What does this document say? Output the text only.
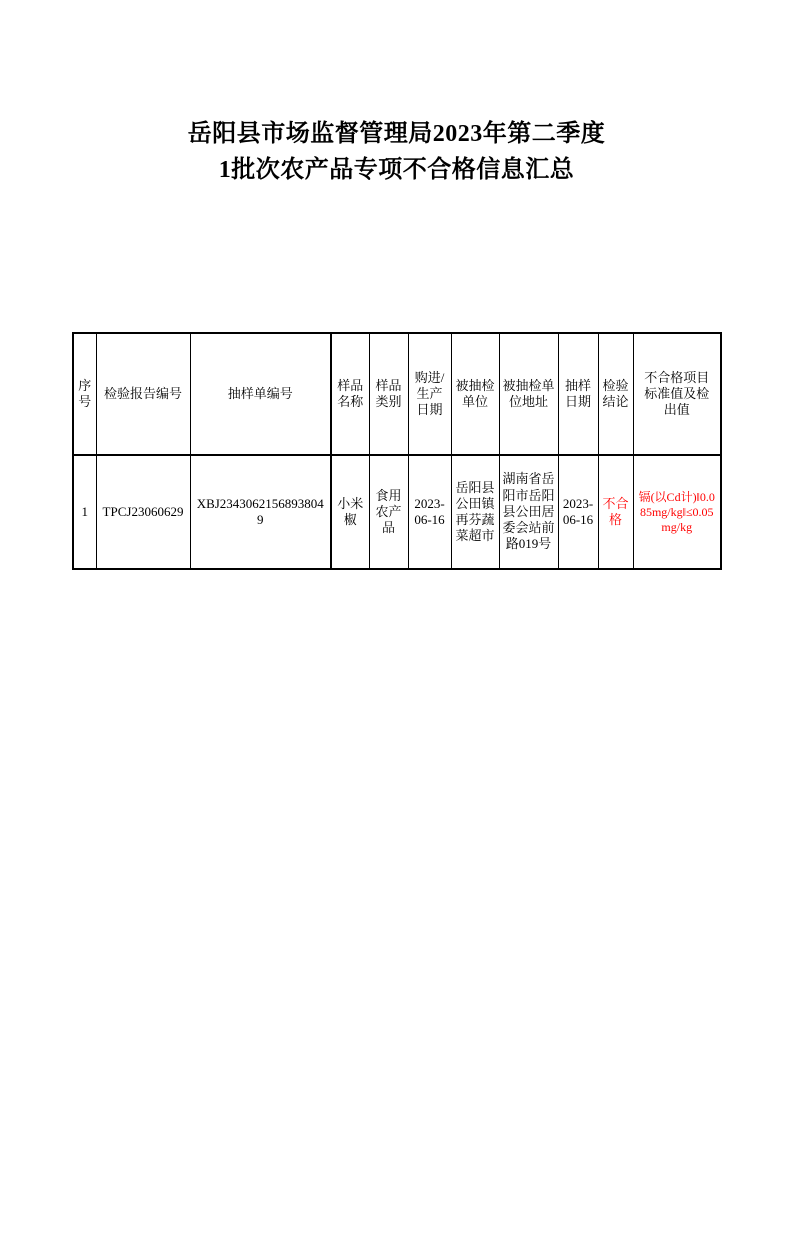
岳阳县市场监督管理局2023年第二季度
1批次农产品专项不合格信息汇总
序号	检验报告编号	抽样单编号	样品名称	样品类别	购进/生产日期	被抽检单位	被抽检单位地址	抽样日期	检验结论	不合格项目标准值及检出值
1	TPCJ23060629	XBJ23430621568938049	小米椒	食用农产品	2023-06-16	岳阳县公田镇再芬蔬菜超市	湖南省岳阳市岳阳县公田居委会站前路019号	2023-06-16	不合格	镉(以Cd计)‖0.085mg/kg‖≤0.05mg/kg
